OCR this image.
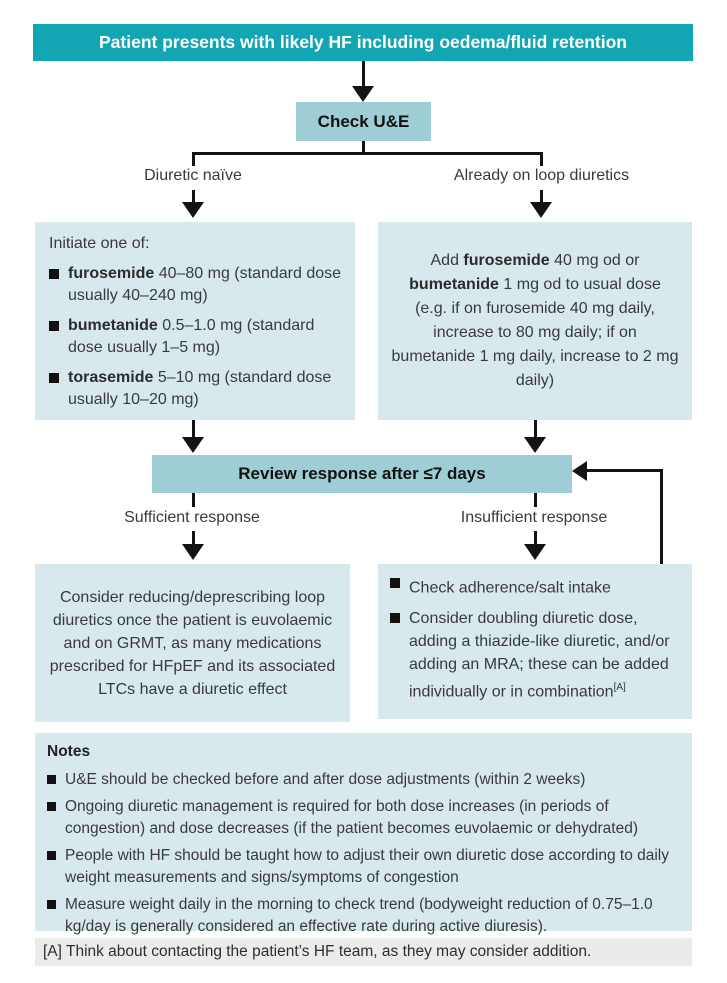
Patient presents with likely HF including oedema/fluid retention
Check U&E
Diuretic naïve	Already on loop diuretics
Initiate one of:
furosemide 40–80 mg (standard dose usually 40–240 mg)
bumetanide 0.5–1.0 mg (standard dose usually 1–5 mg)
torasemide 5–10 mg (standard dose usually 10–20 mg)
Add furosemide 40 mg od or bumetanide 1 mg od to usual dose (e.g. if on furosemide 40 mg daily, increase to 80 mg daily; if on bumetanide 1 mg daily, increase to 2 mg daily)
Review response after ≤7 days
Sufficient response	Insufficient response
Consider reducing/deprescribing loop diuretics once the patient is euvolaemic and on GRMT, as many medications prescribed for HFpEF and its associated LTCs have a diuretic effect
Check adherence/salt intake
Consider doubling diuretic dose, adding a thiazide-like diuretic, and/or adding an MRA; these can be added individually or in combination[A]
Notes
U&E should be checked before and after dose adjustments (within 2 weeks)
Ongoing diuretic management is required for both dose increases (in periods of congestion) and dose decreases (if the patient becomes euvolaemic or dehydrated)
People with HF should be taught how to adjust their own diuretic dose according to daily weight measurements and signs/symptoms of congestion
Measure weight daily in the morning to check trend (bodyweight reduction of 0.75–1.0 kg/day is generally considered an effective rate during active diuresis).
[A] Think about contacting the patient’s HF team, as they may consider addition.
